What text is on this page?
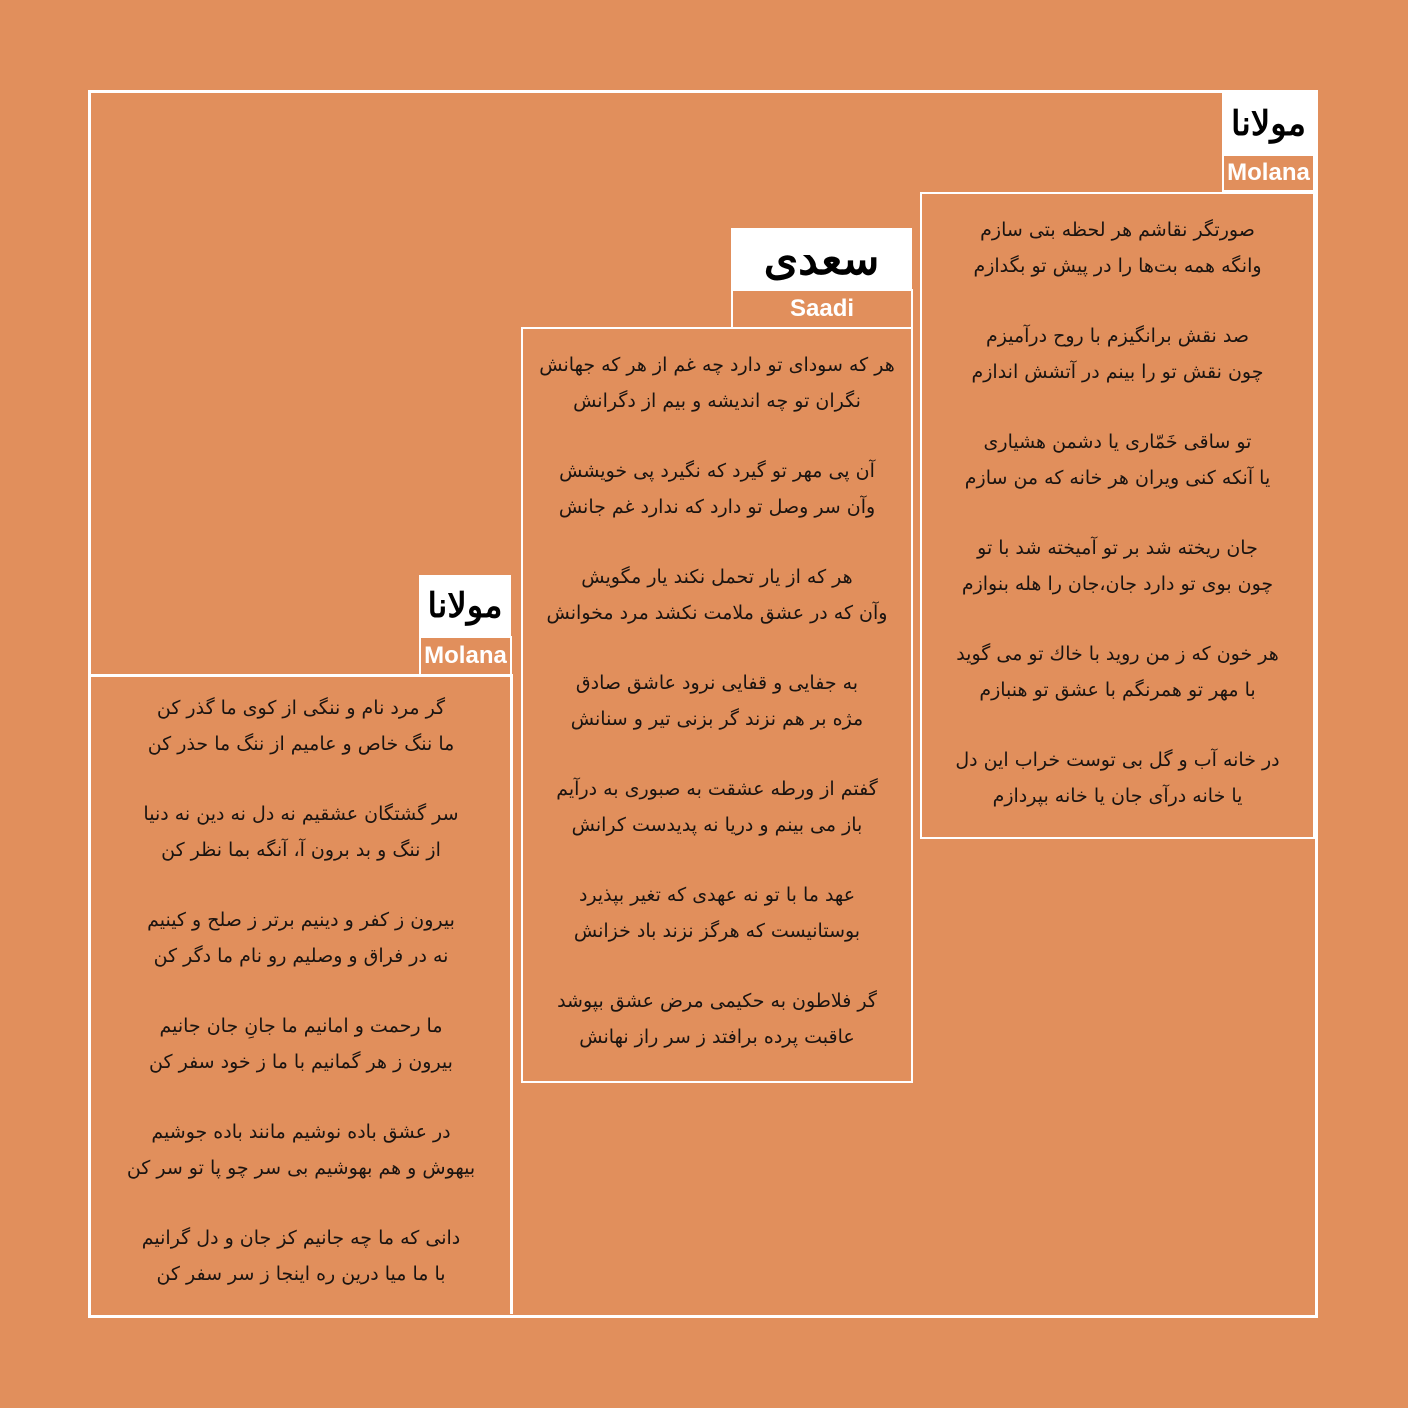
مولانا
Molana
صورتگر نقاشم هر لحظه بتی سازم
وانگه همه بت‌ها را در پیش تو بگدازم
صد نقش برانگیزم با روح درآمیزم
چون نقش تو را بینم در آتشش اندازم
تو ساقی خَمّاری یا دشمن هشیاری
یا آنکه کنی ویران هر خانه که من سازم
جان ریخته شد بر تو آمیخته شد با تو
چون بوی تو دارد جان،جان را هله بنوازم
هر خون که ز من روید با خاك تو می گوید
با مهر تو همرنگم با عشق تو هنبازم
در خانه آب و گل بی توست خراب این دل
یا خانه درآی جان یا خانه بپردازم
سعدی
Saadi
هر که سودای تو دارد چه غم از هر که جهانش
نگران تو چه اندیشه و بیم از دگرانش
آن پی مهر تو گیرد که نگیرد پی خویشش
وآن سر وصل تو دارد که ندارد غم جانش
هر که از یار تحمل نکند یار مگویش
وآن که در عشق ملامت نکشد مرد مخوانش
به جفایی و قفایی نرود عاشق صادق
مژه بر هم نزند گر بزنی تیر و سنانش
گفتم از ورطه عشقت به صبوری به درآیم
باز می بینم و دریا نه پدیدست کرانش
عهد ما با تو نه عهدی که تغیر بپذیرد
بوستانیست که هرگز نزند باد خزانش
گر فلاطون به حکیمی مرض عشق بپوشد
عاقبت پرده برافتد ز سر راز نهانش
مولانا
Molana
گر مرد نام و ننگی از کوی ما گذر کن
ما ننگ خاص و عامیم از ننگ ما حذر کن
سر گشتگان عشقیم نه دل نه دین نه دنیا
از ننگ و بد برون آ، آنگه بما نظر کن
بیرون ز کفر و دینیم برتر ز صلح و کینیم
نه در فراق و وصلیم رو نام ما دگر کن
ما رحمت و امانیم ما جانِ جان جانیم
بیرون ز هر گمانیم با ما ز خود سفر کن
در عشق باده نوشیم مانند باده جوشیم
بیهوش و هم بهوشیم بی سر چو پا تو سر کن
دانی که ما چه جانیم کز جان و دل گرانیم
با ما میا درین ره اینجا ز سر سفر کن
